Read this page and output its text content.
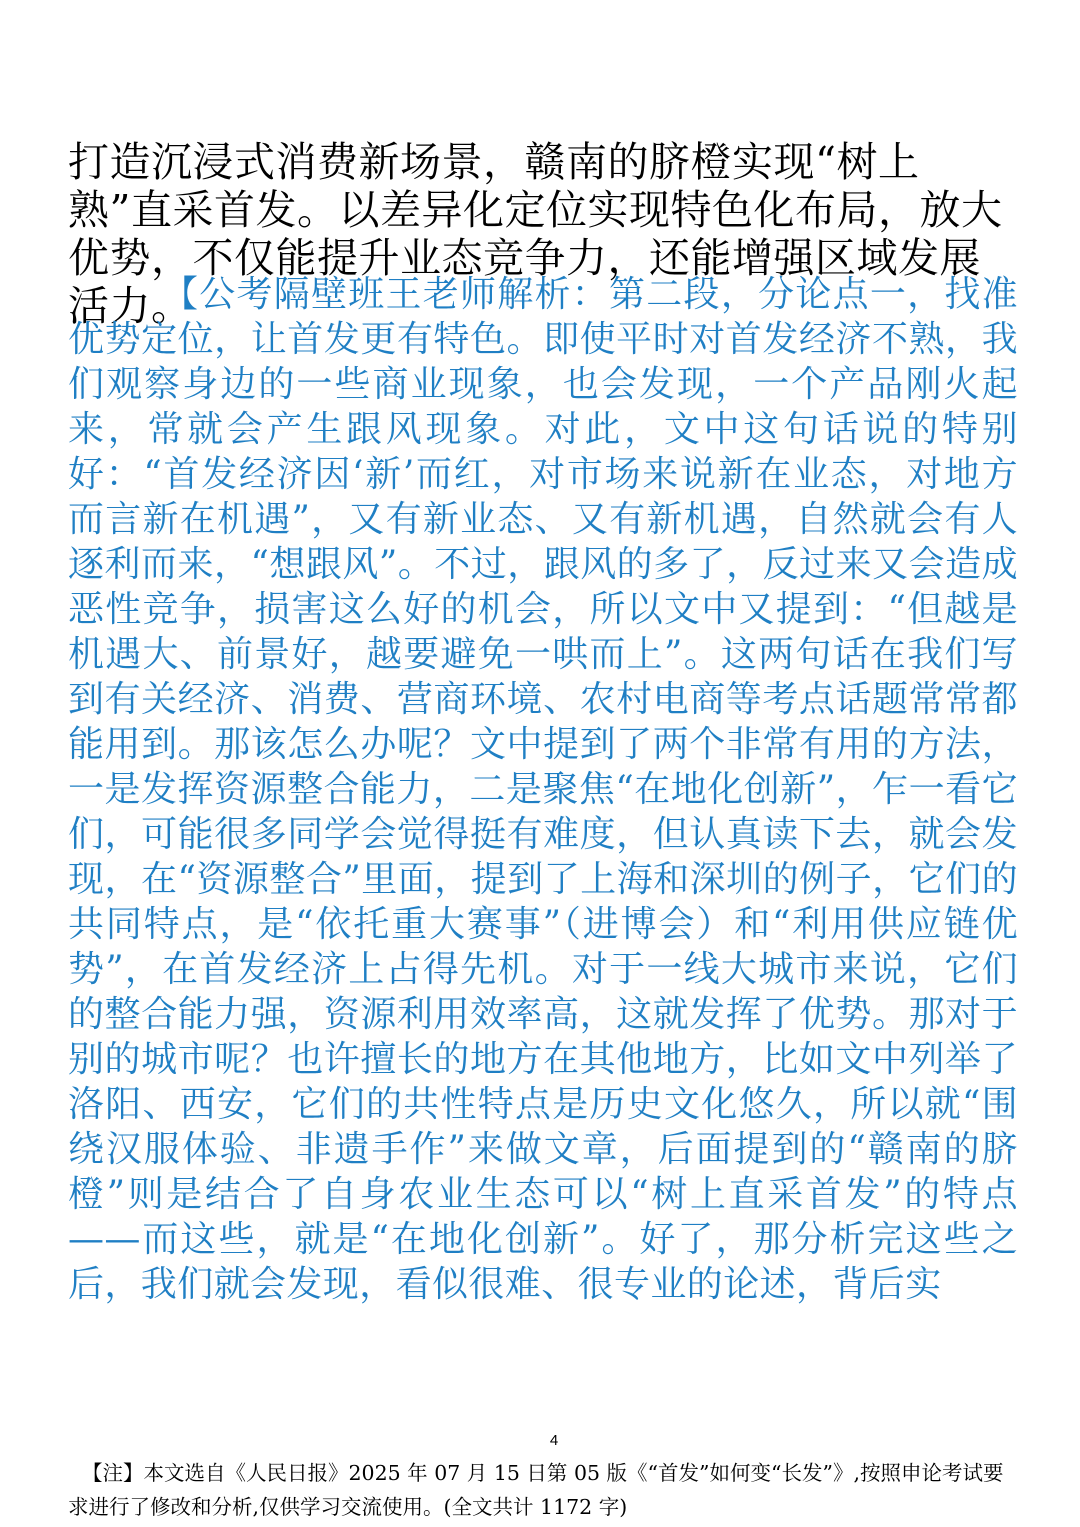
打造沉浸式消费新场景，赣南的脐橙实现“树上熟”直采首发。以差异化定位实现特色化布局，放大优势，不仅能提升业态竞争力，还能增强区域发展活力。

【公考隔壁班王老师解析：第二段，分论点一，找准优势定位，让首发更有特色。即使平时对首发经济不熟，我们观察身边的一些商业现象，也会发现，一个产品刚火起来，常就会产生跟风现象。对此，文中这句话说的特别好：“首发经济因‘新’而红，对市场来说新在业态，对地方而言新在机遇”，又有新业态、又有新机遇，自然就会有人逐利而来，“想跟风”。不过，跟风的多了，反过来又会造成恶性竞争，损害这么好的机会，所以文中又提到：“但越是机遇大、前景好，越要避免一哄而上”。这两句话在我们写到有关经济、消费、营商环境、农村电商等考点话题常常都能用到。那该怎么办呢？文中提到了两个非常有用的方法，一是发挥资源整合能力，二是聚焦“在地化创新”，乍一看它们，可能很多同学会觉得挺有难度，但认真读下去，就会发现，在“资源整合”里面，提到了上海和深圳的例子，它们的共同特点，是“依托重大赛事”（进博会）和“利用供应链优势”，在首发经济上占得先机。对于一线大城市来说，它们的整合能力强，资源利用效率高，这就发挥了优势。那对于别的城市呢？也许擅长的地方在其他地方，比如文中列举了洛阳、西安，它们的共性特点是历史文化悠久，所以就“围绕汉服体验、非遗手作”来做文章，后面提到的“赣南的脐橙”则是结合了自身农业生态可以“树上直采首发”的特点——而这些，就是“在地化创新”。好了，那分析完这些之后，我们就会发现，看似很难、很专业的论述，背后实

4
【注】本文选自《人民日报》2025 年 07 月 15 日第 05 版《“首发”如何变“长发”》,按照申论考试要求进行了修改和分析,仅供学习交流使用。(全文共计 1172 字)
